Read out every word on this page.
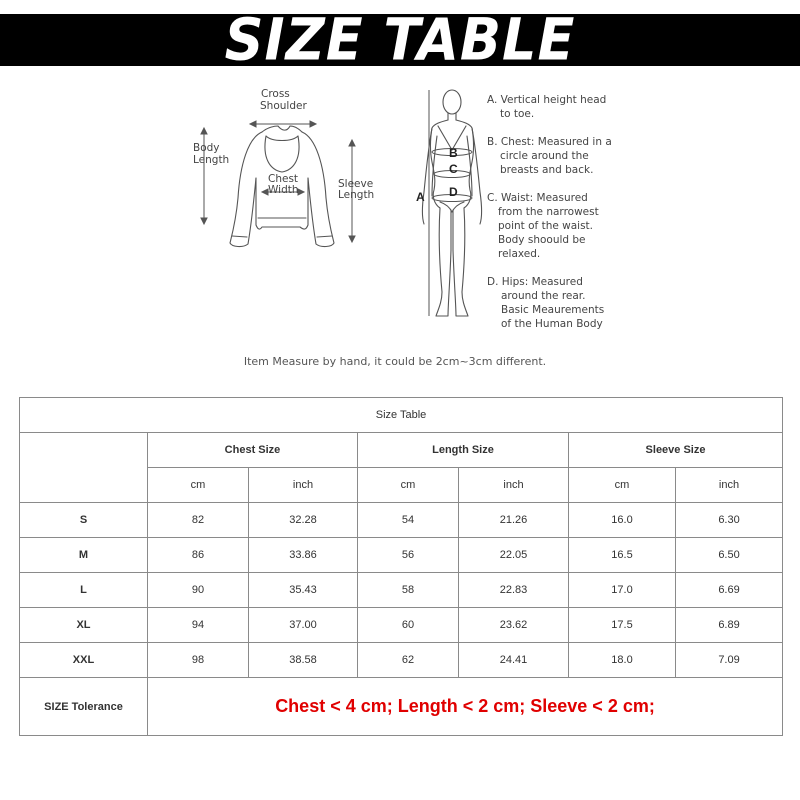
SIZE TABLE
Cross
Shoulder
Body
Length
Chest
Width	Sleeve
Length
B
C
D
A
A. Vertical height head
to toe.
B. Chest: Measured in a
circle around the
breasts and back.
C. Waist: Measured
from the narrowest
point of the waist.
Body shoould be
relaxed.
D. Hips: Measured
around the rear.
Basic Meaurements
of the Human Body
Item Measure by hand, it could be 2cm~3cm different.
Size Table						
	Chest Size		Length Size		Sleeve Size	
	cm	inch	cm	inch	cm	inch
S	82	32.28	54	21.26	16.0	6.30
M	86	33.86	56	22.05	16.5	6.50
L	90	35.43	58	22.83	17.0	6.69
XL	94	37.00	60	23.62	17.5	6.89
XXL	98	38.58	62	24.41	18.0	7.09
SIZE Tolerance	Chest < 4 cm; Length < 2 cm; Sleeve < 2 cm;					
